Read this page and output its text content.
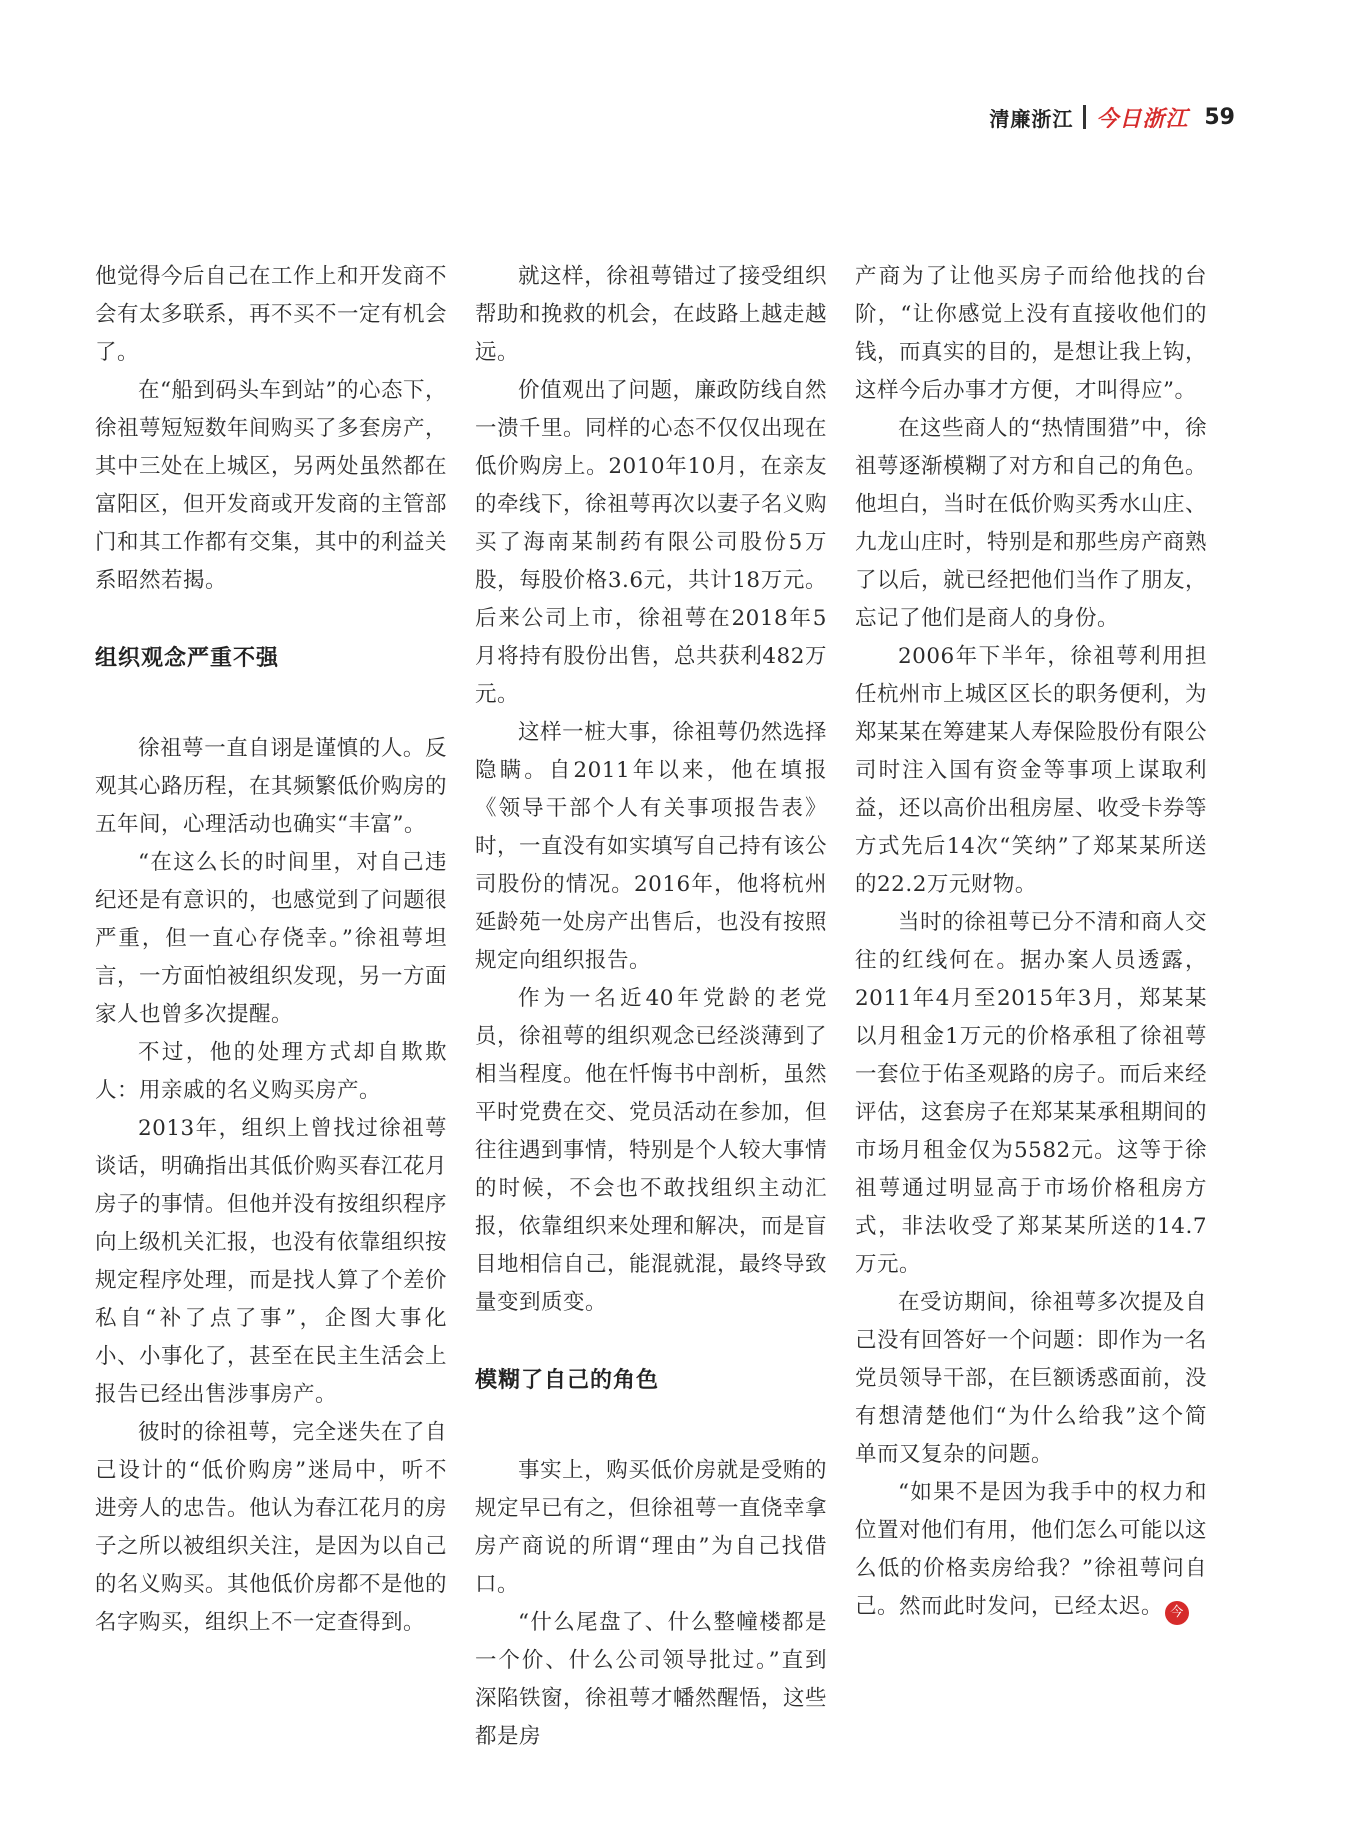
清廉浙江 今日浙江 59

他觉得今后自己在工作上和开发商不会有太多联系，再不买不一定有机会了。

在“船到码头车到站”的心态下，徐祖萼短短数年间购买了多套房产，其中三处在上城区，另两处虽然都在富阳区，但开发商或开发商的主管部门和其工作都有交集，其中的利益关系昭然若揭。

组织观念严重不强

徐祖萼一直自诩是谨慎的人。反观其心路历程，在其频繁低价购房的五年间，心理活动也确实“丰富”。

“在这么长的时间里，对自己违纪还是有意识的，也感觉到了问题很严重，但一直心存侥幸。”徐祖萼坦言，一方面怕被组织发现，另一方面家人也曾多次提醒。

不过，他的处理方式却自欺欺人：用亲戚的名义购买房产。

2013年，组织上曾找过徐祖萼谈话，明确指出其低价购买春江花月房子的事情。但他并没有按组织程序向上级机关汇报，也没有依靠组织按规定程序处理，而是找人算了个差价私自“补了点了事”，企图大事化小、小事化了，甚至在民主生活会上报告已经出售涉事房产。

彼时的徐祖萼，完全迷失在了自己设计的“低价购房”迷局中，听不进旁人的忠告。他认为春江花月的房子之所以被组织关注，是因为以自己的名义购买。其他低价房都不是他的名字购买，组织上不一定查得到。

就这样，徐祖萼错过了接受组织帮助和挽救的机会，在歧路上越走越远。

价值观出了问题，廉政防线自然一溃千里。同样的心态不仅仅出现在低价购房上。2010年10月，在亲友的牵线下，徐祖萼再次以妻子名义购买了海南某制药有限公司股份5万股，每股价格3.6元，共计18万元。后来公司上市，徐祖萼在2018年5月将持有股份出售，总共获利482万元。

这样一桩大事，徐祖萼仍然选择隐瞒。自2011年以来，他在填报《领导干部个人有关事项报告表》时，一直没有如实填写自己持有该公司股份的情况。2016年，他将杭州延龄苑一处房产出售后，也没有按照规定向组织报告。

作为一名近40年党龄的老党员，徐祖萼的组织观念已经淡薄到了相当程度。他在忏悔书中剖析，虽然平时党费在交、党员活动在参加，但往往遇到事情，特别是个人较大事情的时候，不会也不敢找组织主动汇报，依靠组织来处理和解决，而是盲目地相信自己，能混就混，最终导致量变到质变。

模糊了自己的角色

事实上，购买低价房就是受贿的规定早已有之，但徐祖萼一直侥幸拿房产商说的所谓“理由”为自己找借口。

“什么尾盘了、什么整幢楼都是一个价、什么公司领导批过。”直到深陷铁窗，徐祖萼才幡然醒悟，这些都是房

产商为了让他买房子而给他找的台阶，“让你感觉上没有直接收他们的钱，而真实的目的，是想让我上钩，这样今后办事才方便，才叫得应”。

在这些商人的“热情围猎”中，徐祖萼逐渐模糊了对方和自己的角色。他坦白，当时在低价购买秀水山庄、九龙山庄时，特别是和那些房产商熟了以后，就已经把他们当作了朋友，忘记了他们是商人的身份。

2006年下半年，徐祖萼利用担任杭州市上城区区长的职务便利，为郑某某在筹建某人寿保险股份有限公司时注入国有资金等事项上谋取利益，还以高价出租房屋、收受卡券等方式先后14次“笑纳”了郑某某所送的22.2万元财物。

当时的徐祖萼已分不清和商人交往的红线何在。据办案人员透露，2011年4月至2015年3月，郑某某以月租金1万元的价格承租了徐祖萼一套位于佑圣观路的房子。而后来经评估，这套房子在郑某某承租期间的市场月租金仅为5582元。这等于徐祖萼通过明显高于市场价格租房方式，非法收受了郑某某所送的14.7万元。

在受访期间，徐祖萼多次提及自己没有回答好一个问题：即作为一名党员领导干部，在巨额诱惑面前，没有想清楚他们“为什么给我”这个简单而又复杂的问题。

“如果不是因为我手中的权力和位置对他们有用，他们怎么可能以这么低的价格卖房给我？”徐祖萼问自己。然而此时发问，已经太迟。 今
